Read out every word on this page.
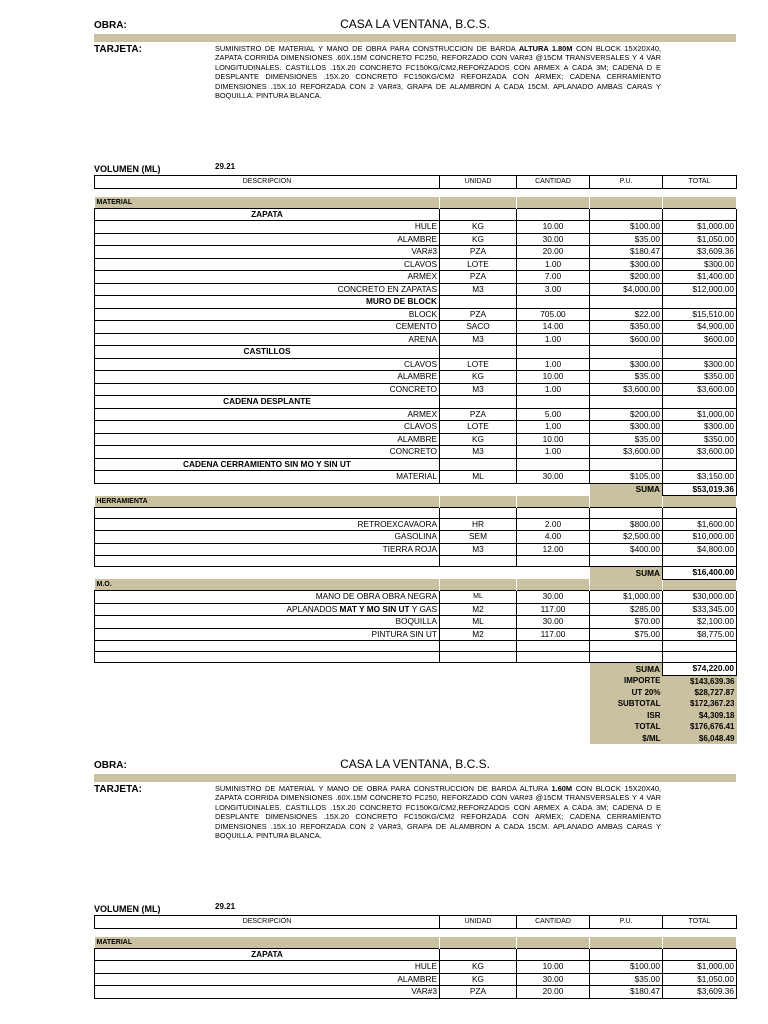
OBRA:	CASA LA VENTANA, B.C.S.
TARJETA:	SUMINISTRO DE MATERIAL Y MANO DE OBRA PARA CONSTRUCCION DE BARDA ALTURA 1.80M CON BLOCK 15X20X40, ZAPATA CORRIDA DIMENSIONES .60X.15M CONCRETO FC250, REFORZADO CON VAR#3 @15CM TRANSVERSALES Y 4 VAR LONGITUDINALES. CASTILLOS .15X.20 CONCRETO FC150KG/CM2,REFORZADOS CON ARMEX A CADA 3M; CADENA D E DESPLANTE DIMENSIONES .15X.20 CONCRETO FC150KG/CM2 REFORZADA CON ARMEX; CADENA CERRAMIENTO DIMENSIONES .15X.10 REFORZADA CON 2 VAR#3, GRAPA DE ALAMBRON A CADA 15CM. APLANADO AMBAS CARAS Y BOQUILLA. PINTURA BLANCA.
VOLUMEN (ML)	29.21
DESCRIPCION	UNIDAD	CANTIDAD	P.U.	TOTAL

MATERIAL				
ZAPATA				
HULE	KG	10.00	$100.00	$1,000.00
ALAMBRE	KG	30.00	$35.00	$1,050.00
VAR#3	PZA	20.00	$180.47	$3,609.36
CLAVOS	LOTE	1.00	$300.00	$300.00
ARMEX	PZA	7.00	$200.00	$1,400.00
CONCRETO EN ZAPATAS	M3	3.00	$4,000.00	$12,000.00
MURO DE BLOCK				
BLOCK	PZA	705.00	$22.00	$15,510.00
CEMENTO	SACO	14.00	$350.00	$4,900.00
ARENA	M3	1.00	$600.00	$600.00
CASTILLOS				
CLAVOS	LOTE	1.00	$300.00	$300.00
ALAMBRE	KG	10.00	$35.00	$350.00
CONCRETO	M3	1.00	$3,600.00	$3,600.00
CADENA DESPLANTE				
ARMEX	PZA	5.00	$200.00	$1,000.00
CLAVOS	LOTE	1.00	$300.00	$300.00
ALAMBRE	KG	10.00	$35.00	$350.00
CONCRETO	M3	1.00	$3,600.00	$3,600.00
CADENA CERRAMIENTO SIN MO Y SIN UT				
MATERIAL	ML	30.00	$105.00	$3,150.00
			SUMA	$53,019.36
HERRAMIENTA				

RETROEXCAVAORA	HR	2.00	$800.00	$1,600.00
GASOLINA	SEM	4.00	$2,500.00	$10,000.00
TIERRA ROJA	M3	12.00	$400.00	$4,800.00

			SUMA	$16,400.00
M.O.				
MANO DE OBRA OBRA NEGRA	ML	30.00	$1,000.00	$30,000.00
APLANADOS MAT Y MO SIN UT Y GAS	M2	117.00	$285.00	$33,345.00
BOQUILLA	ML	30.00	$70.00	$2,100.00
PINTURA SIN UT	M2	117.00	$75.00	$8,775.00

			SUMA	$74,220.00
			IMPORTE	$143,639.36
			UT 20%	$28,727.87
			SUBTOTAL	$172,367.23
			ISR	$4,309.18
			TOTAL	$176,676.41
			$/ML	$6,048.49
OBRA:	CASA LA VENTANA, B.C.S.
TARJETA:	SUMINISTRO DE MATERIAL Y MANO DE OBRA PARA CONSTRUCCION DE BARDA ALTURA 1.60M CON BLOCK 15X20X40, ZAPATA CORRIDA DIMENSIONES .60X.15M CONCRETO FC250, REFORZADO CON VAR#3 @15CM TRANSVERSALES Y 4 VAR LONGITUDINALES. CASTILLOS .15X.20 CONCRETO FC150KG/CM2,REFORZADOS CON ARMEX A CADA 3M; CADENA D E DESPLANTE DIMENSIONES .15X.20 CONCRETO FC150KG/CM2 REFORZADA CON ARMEX; CADENA CERRAMIENTO DIMENSIONES .15X.10 REFORZADA CON 2 VAR#3, GRAPA DE ALAMBRON A CADA 15CM. APLANADO AMBAS CARAS Y BOQUILLA. PINTURA BLANCA.
VOLUMEN (ML)	29.21
DESCRIPCION	UNIDAD	CANTIDAD	P.U.	TOTAL

MATERIAL				
ZAPATA				
HULE	KG	10.00	$100.00	$1,000.00
ALAMBRE	KG	30.00	$35.00	$1,050.00
VAR#3	PZA	20.00	$180.47	$3,609.36
